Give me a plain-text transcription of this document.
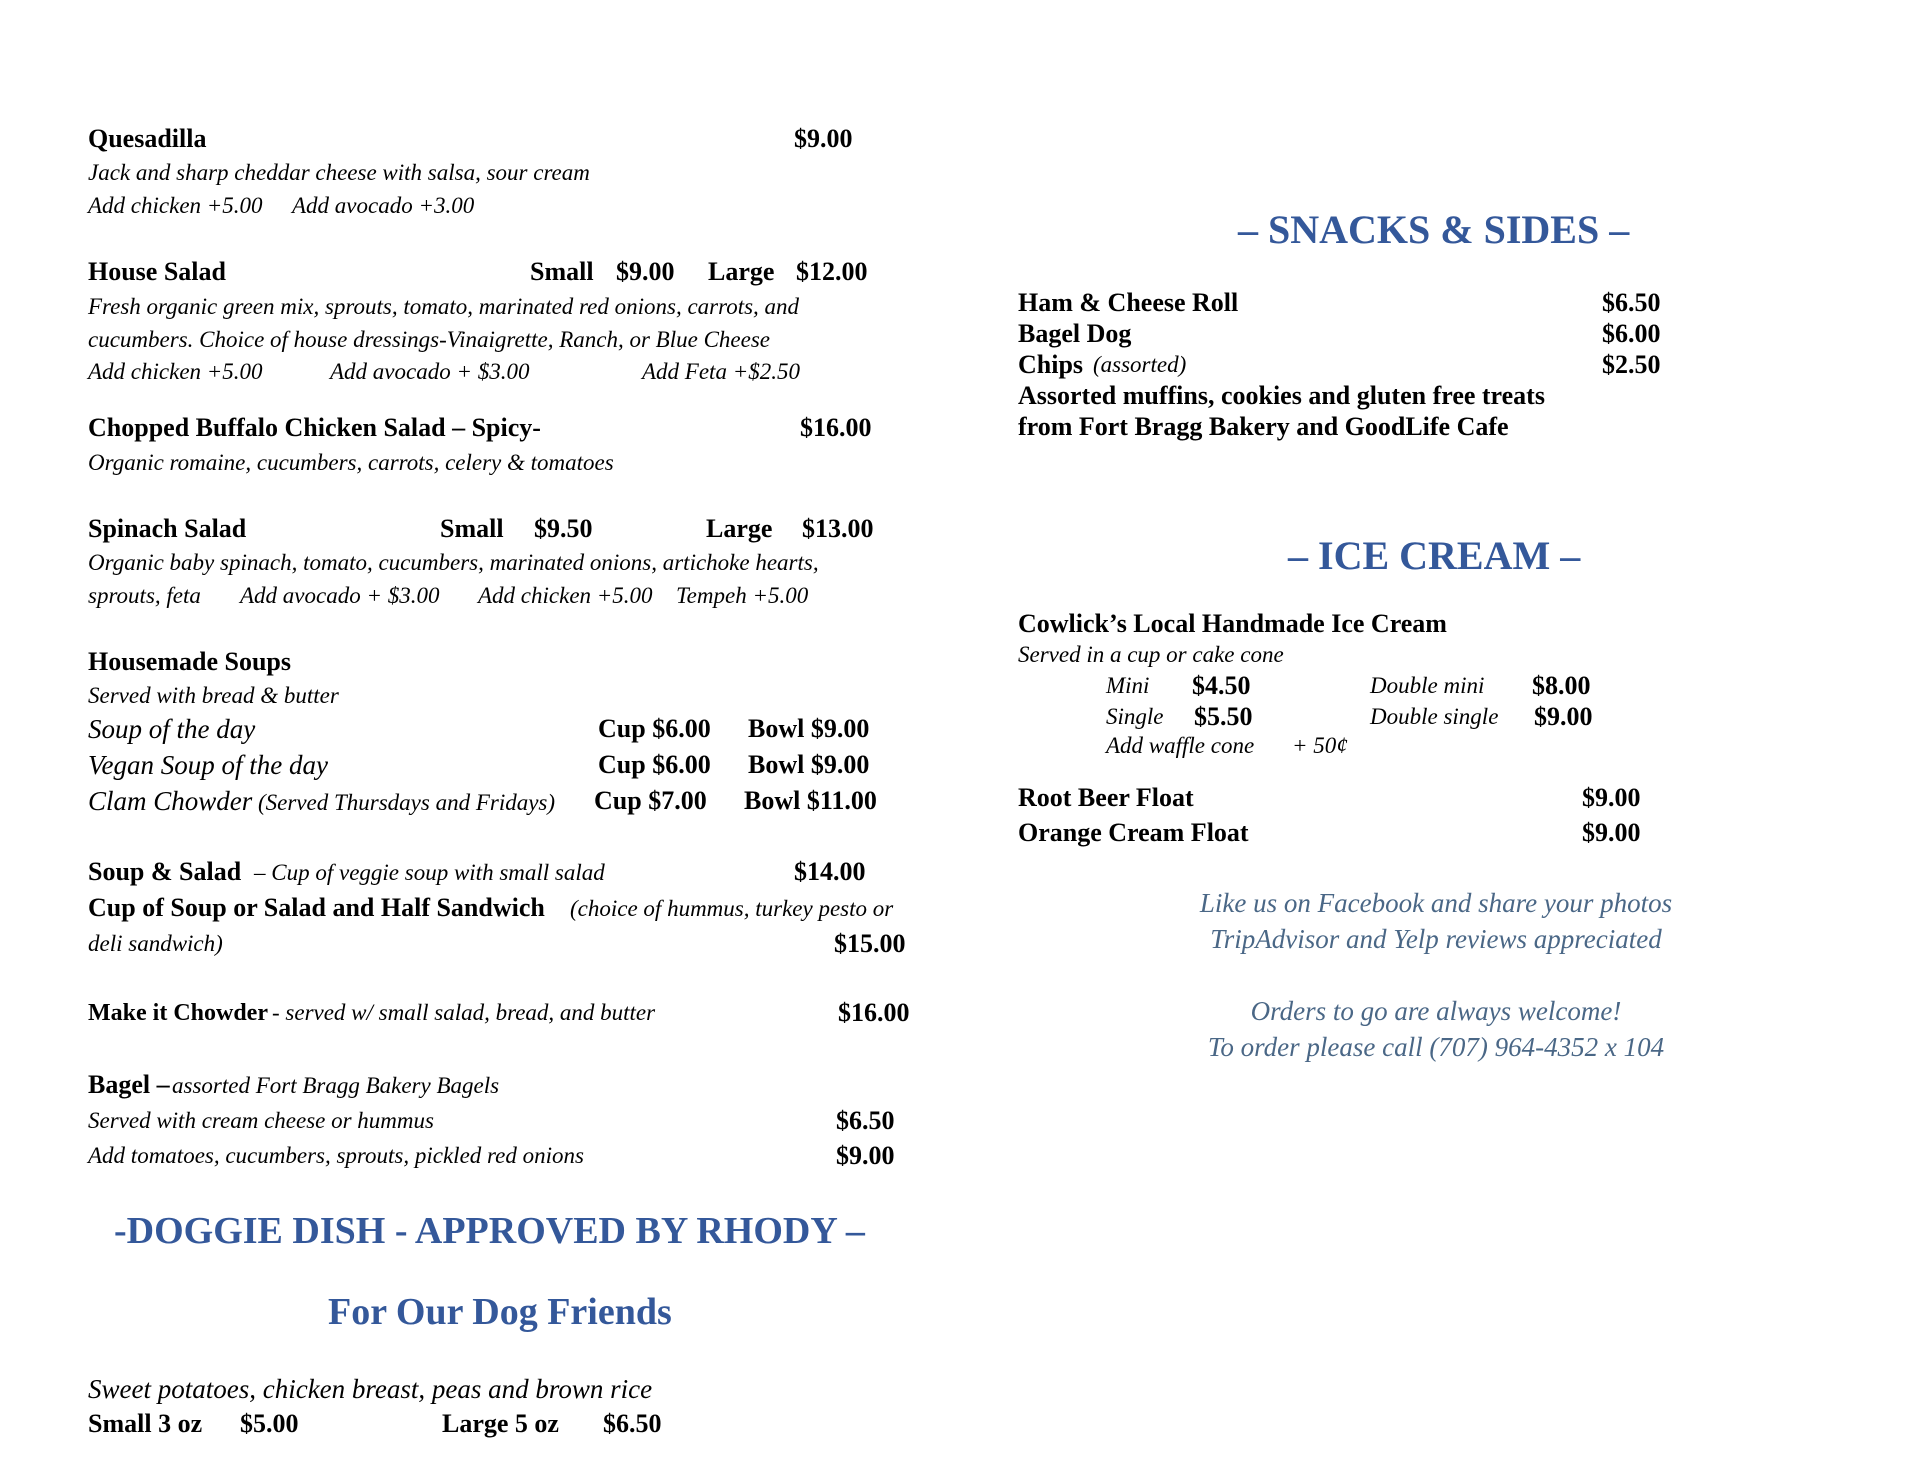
Quesadilla	$9.00
Jack and sharp cheddar cheese with salsa, sour cream
Add chicken +5.00 Add avocado +3.00
House Salad	Small $9.00 Large $12.00
Fresh organic green mix, sprouts, tomato, marinated red onions, carrots, and
cucumbers. Choice of house dressings-Vinaigrette, Ranch, or Blue Cheese
Add chicken +5.00	Add avocado + $3.00	Add Feta +$2.50
Chopped Buffalo Chicken Salad – Spicy-	$16.00
Organic romaine, cucumbers, carrots, celery & tomatoes
Spinach Salad	Small $9.50	Large $13.00
Organic baby spinach, tomato, cucumbers, marinated onions, artichoke hearts,
sprouts, feta Add avocado + $3.00 Add chicken +5.00 Tempeh +5.00
Housemade Soups
Served with bread & butter
Soup of the day	Cup $6.00 Bowl $9.00
Vegan Soup of the day	Cup $6.00 Bowl $9.00
Clam Chowder (Served Thursdays and Fridays) Cup $7.00 Bowl $11.00
Soup & Salad – Cup of veggie soup with small salad	$14.00
Cup of Soup or Salad and Half Sandwich (choice of hummus, turkey pesto or
deli sandwich)	$15.00
Make it Chowder - served w/ small salad, bread, and butter	$16.00
Bagel – assorted Fort Bragg Bakery Bagels
Served with cream cheese or hummus	$6.50
Add tomatoes, cucumbers, sprouts, pickled red onions	$9.00
-DOGGIE DISH - APPROVED BY RHODY –
For Our Dog Friends
Sweet potatoes, chicken breast, peas and brown rice
Small 3 oz $5.00	Large 5 oz $6.50
– SNACKS & SIDES –
Ham & Cheese Roll	$6.50
Bagel Dog	$6.00
Chips (assorted)	$2.50
Assorted muffins, cookies and gluten free treats
from Fort Bragg Bakery and GoodLife Cafe
– ICE CREAM –
Cowlick’s Local Handmade Ice Cream
Served in a cup or cake cone
Mini $4.50	Double mini $8.00
Single $5.50	Double single $9.00
Add waffle cone + 50¢
Root Beer Float	$9.00
Orange Cream Float	$9.00
Like us on Facebook and share your photos
TripAdvisor and Yelp reviews appreciated
Orders to go are always welcome!
To order please call (707) 964-4352 x 104
